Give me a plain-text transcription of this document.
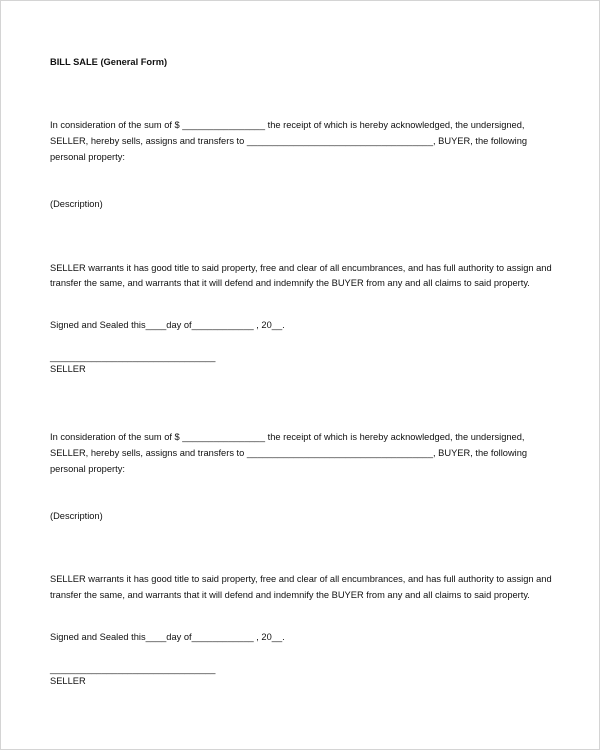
BILL SALE (General Form)
In consideration of the sum of $ ________________ the receipt of which is hereby acknowledged, the undersigned,
SELLER, hereby sells, assigns and transfers to ____________________________________, BUYER, the following
personal property:
(Description)
SELLER warrants it has good title to said property, free and clear of all encumbrances, and has full authority to assign and
transfer the same, and warrants that it will defend and indemnify the BUYER from any and all claims to said property.
Signed and Sealed this____day of____________ , 20__.
________________________________
SELLER
In consideration of the sum of $ ________________ the receipt of which is hereby acknowledged, the undersigned,
SELLER, hereby sells, assigns and transfers to ____________________________________, BUYER, the following
personal property:
(Description)
SELLER warrants it has good title to said property, free and clear of all encumbrances, and has full authority to assign and
transfer the same, and warrants that it will defend and indemnify the BUYER from any and all claims to said property.
Signed and Sealed this____day of____________ , 20__.
________________________________
SELLER
